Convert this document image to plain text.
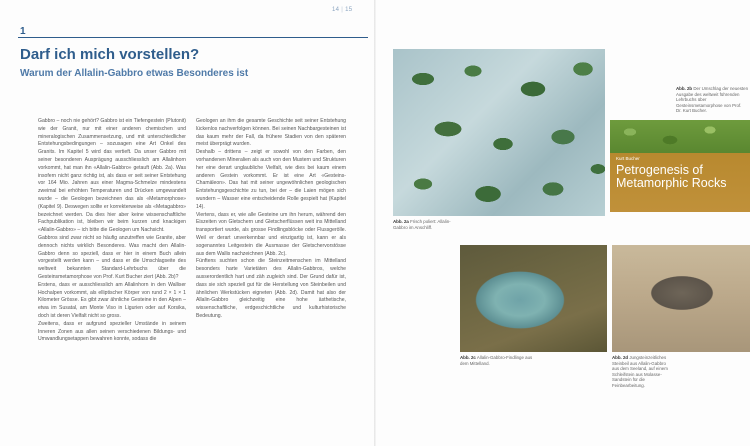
14 | 15
1
Darf ich mich vorstellen?
Warum der Allalin-Gabbro etwas Besonderes ist

Gabbro – noch nie gehört? Gabbro ist ein Tiefengestein (Plutonit) wie der Granit, nur mit einer anderen chemischen und mineralogischen Zusammensetzung, und mit unterschiedlicher Entstehungsbedingungen – sozusagen eine Art Onkel des Granits. Im Kapitel 5 wird das vertieft. Da unser Gabbro mit seiner besonderen Ausprägung ausschliesslich am Allalinhorn vorkommt, hat man ihn «Allalin-Gabbro» getauft (Abb. 2a). Was insofern nicht ganz richtig ist, als dass er seit seiner Entstehung vor 164 Mio. Jahren aus einer Magma-Schmelze mindestens zweimal bei erhöhten Temperaturen und Drücken umgewandelt wurde – die Geologen bezeichnen das als «Metamorphose» (Kapitel 9). Deswegen sollte er korrekterweise als «Metagabbro» bezeichnet werden. Da dies hier aber keine wissenschaftliche Fachpublikation ist, bleiben wir beim kurzen und knackigen «Allalin-Gabbro» – ich bitte die Geologen um Nachsicht.

Gabbros sind zwar nicht so häufig anzutreffen wie Granite, aber dennoch nichts wirklich Besonderes. Was macht den Allalin-Gabbro denn so speziell, dass er hier in einem Buch allein vorgestellt werden kann – und dass er die Umschlagseite des weltweit bekannten Standard-Lehrbuchs über die Gesteinsmetamorphose von Prof. Kurt Bucher ziert (Abb. 2b)?

Erstens, dass er ausschliesslich am Allalinhorn in den Walliser Hochalpen vorkommt, als elliptischer Körper von rund 2 × 1 × 1 Kilometer Grösse. Es gibt zwar ähnliche Gesteine in den Alpen – etwa im Susatal, am Monte Viso in Ligurien oder auf Korsika, doch ist deren Vielfalt nicht so gross.

Zweitens, dass er aufgrund spezieller Umstände in seinem Inneren Zonen aus allen seinen verschiedenen Bildungs- und Umwandlungsetappen bewahren konnte, sodass die

Geologen an ihm die gesamte Geschichte seit seiner Entstehung lückenlos nachverfolgen können. Bei seinen Nachbargesteinen ist das kaum mehr der Fall, da frühere Stadien von den späteren meist überprägt wurden.

Deshalb – drittens – zeigt er sowohl von den Farben, den vorhandenen Mineralien als auch von den Mustern und Strukturen her eine derart unglaubliche Vielfalt, wie dies bei kaum einem anderen Gestein vorkommt. Er ist eine Art «Gesteins-Chamäleon». Das hat mit seiner ungewöhnlichen geologischen Entstehungsgeschichte zu tun, bei der – die Laien mögen sich wundern – Wasser eine entscheidende Rolle gespielt hat (Kapitel 14).

Viertens, dass er, wie alle Gesteine um ihn herum, während den Eiszeiten von Gletschern und Gletscherflüssen weit ins Mittelland transportiert wurde, als grosse Findlingsblöcke oder Flussgerölle. Weil er derart unverkennbar und einzigartig ist, kann er als sogenanntes Leitgestein die Ausmasse der Gletschervorstösse aus dem Wallis nachzeichnen (Abb. 2c).

Fünftens suchten schon die Steinzeitmenschen im Mittelland besonders harte Varietäten des Allalin-Gabbros, welche ausserordentlich hart und zäh zugleich sind. Der Grund dafür ist, dass sie sich speziell gut für die Herstellung von Steinbeilen und ähnlichen Werkstücken eigneten (Abb. 2d). Damit hat also der Allalin-Gabbro gleichzeitig eine hohe ästhetische, wissenschaftliche, erdgeschichtliche und kulturhistorische Bedeutung.

Kurt Bucher
Petrogenesis of Metamorphic Rocks
Abb. 2b Der Umschlag der neuesten Ausgabe des weltweit führenden Lehrbuchs über Gesteinsmetamorphose von Prof. Dr. Kurt Bucher.
Abb. 2a Frisch poliert: Allalin-Gabbro im Anschliff.
Abb. 2c Allalin-Gabbro-Findlinge aus dem Mittelland.
Abb. 2d Jungsteinzeitliches Steinbeil aus Allalin-Gabbro aus dem Seeland, auf einem Schleifstein aus Molasse-Sandstein für die Feinbearbeitung.
